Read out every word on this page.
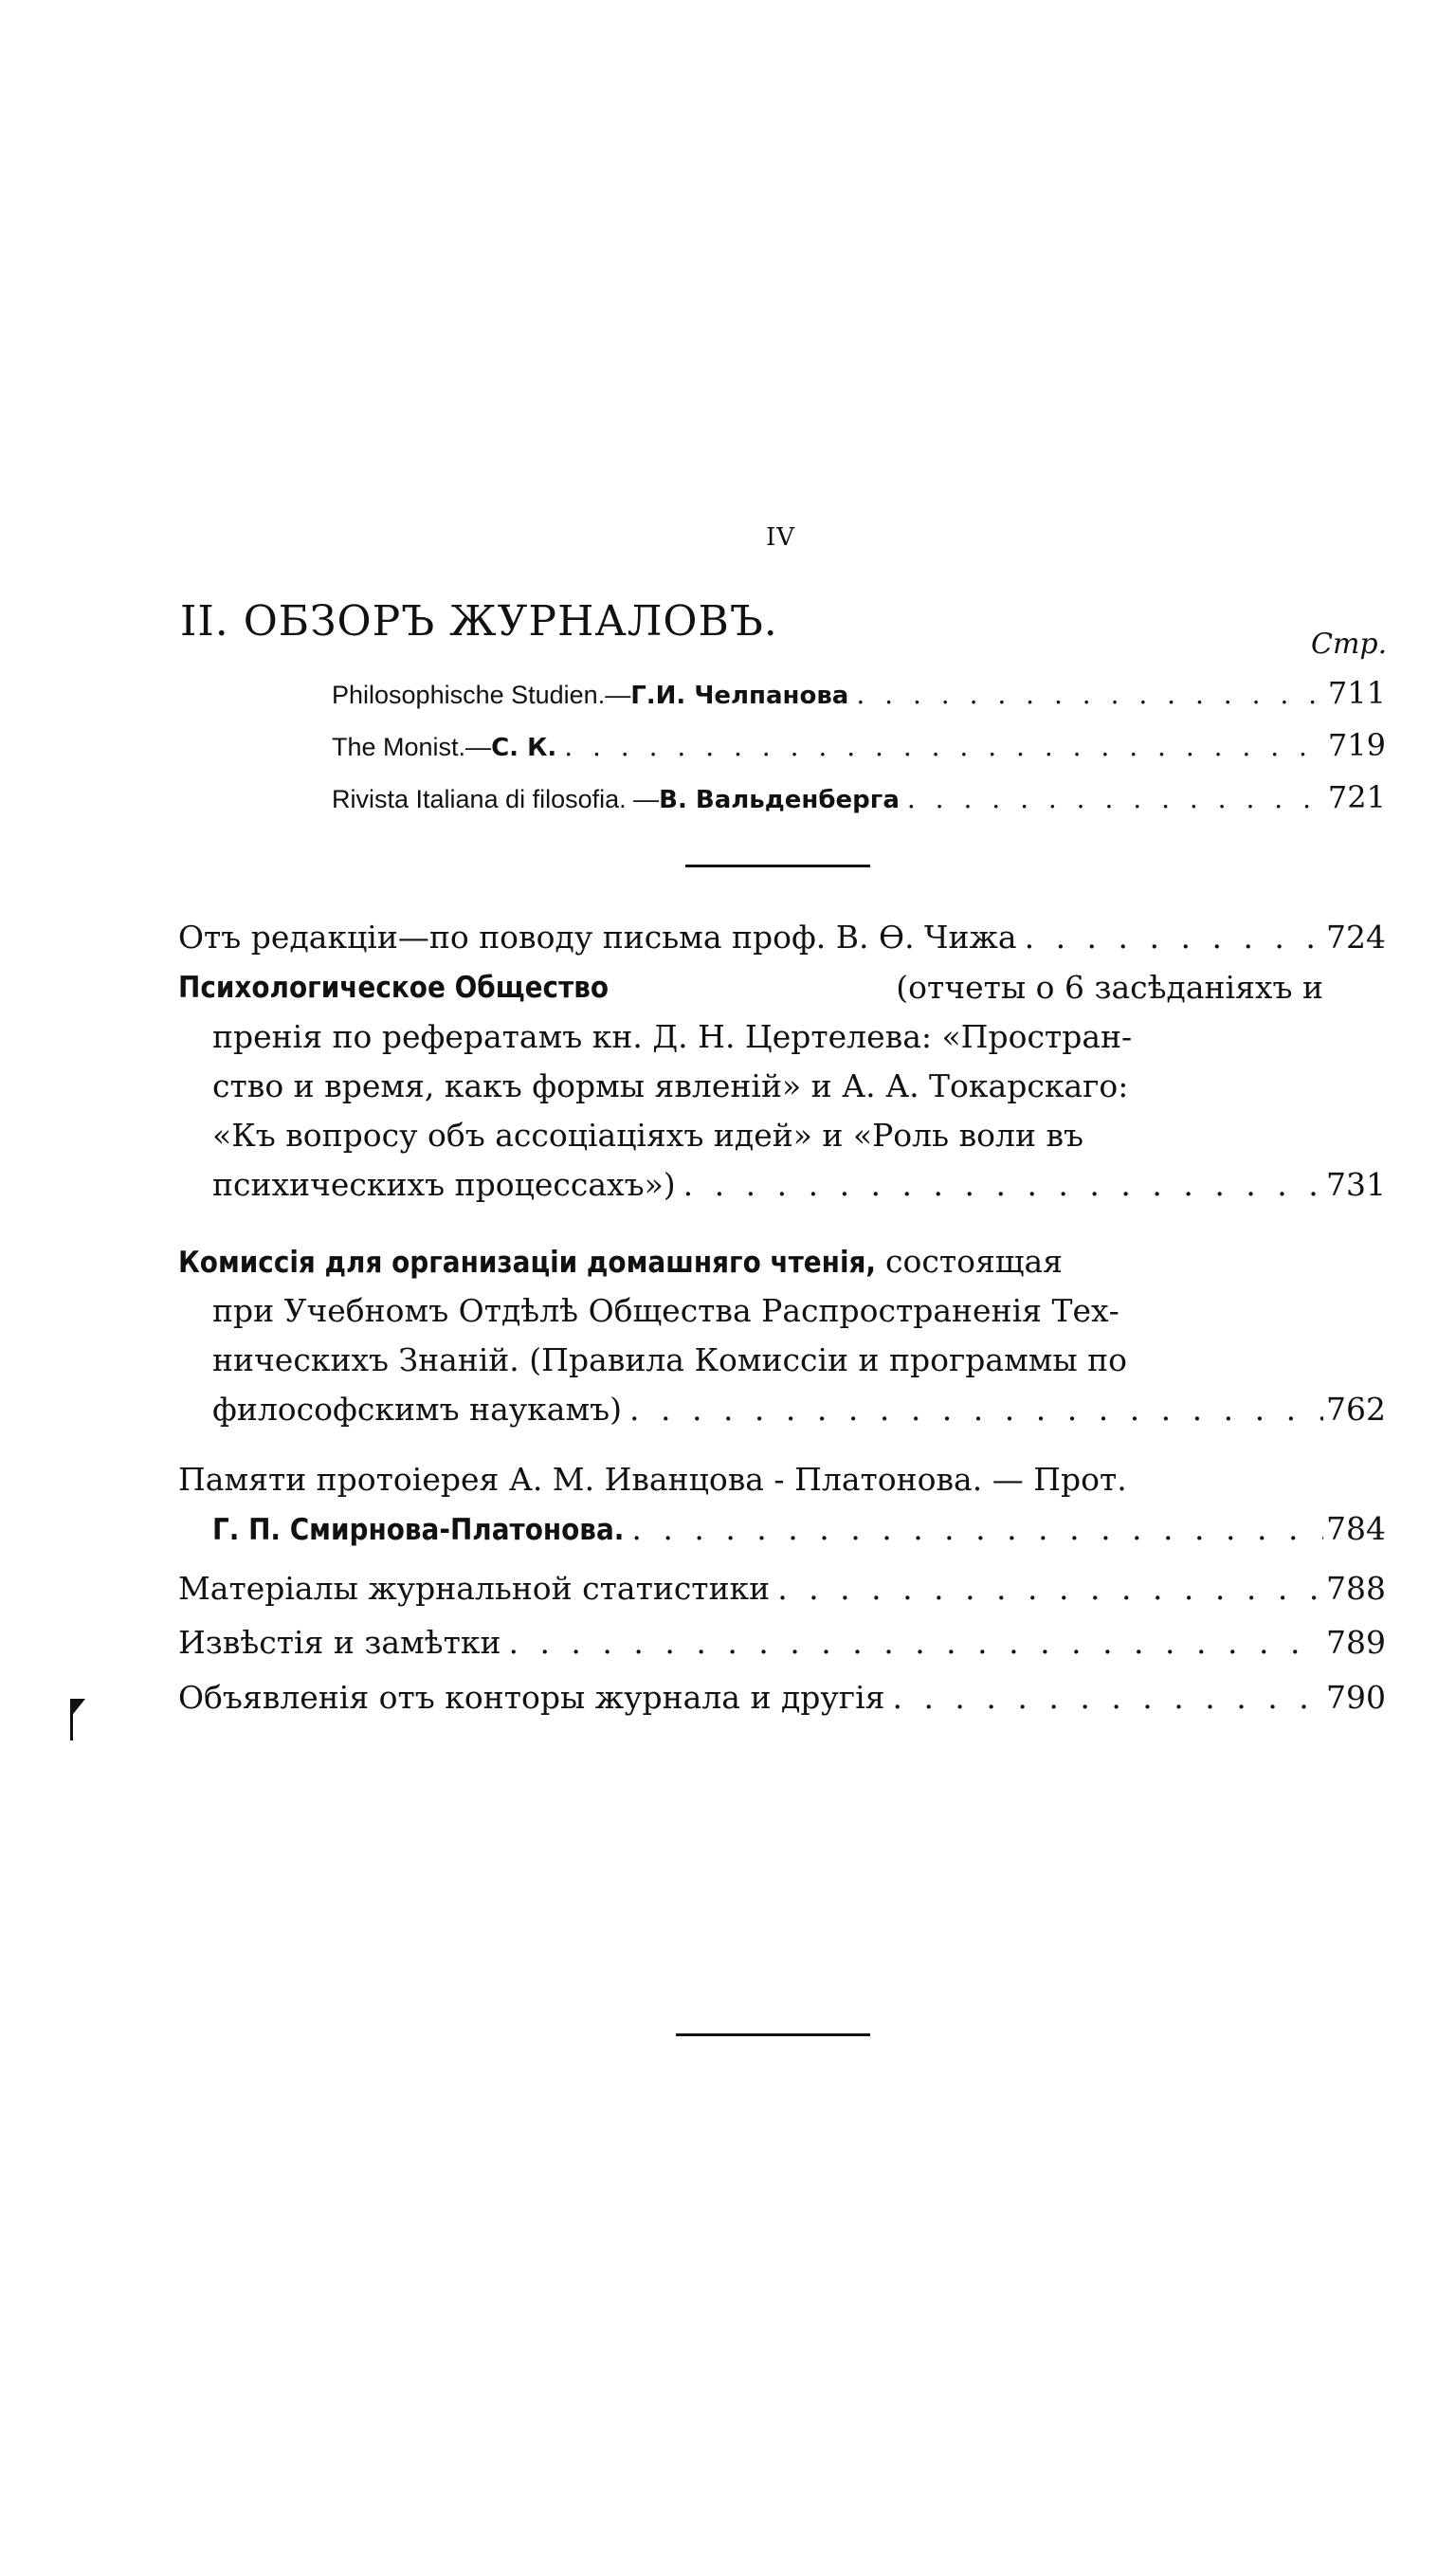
IV
II. ОБЗОРЪ ЖУРНАЛОВЪ.	Стр.
Philosophische Studien.— Г.И. Челпанова . . .	711
The Monist.— С. К. . . .	719
Rivista Italiana di filosofia. — В. Вальденберга . . .	721
Отъ редакціи—по поводу письма проф. В. Ѳ. Чижа . . .	724
Психологическое Общество	(отчеты о 6 засѣданіяхъ и
пренія по рефератамъ кн. Д. Н. Цертелева: «Простран-
ство и время, какъ формы явленій» и А. А. Токарскаго:
«Къ вопросу объ ассоціаціяхъ идей» и «Роль воли въ
психическихъ процессахъ») . . .	731
Комиссія для организаціи домашняго чтенія, состоящая
при Учебномъ Отдѣлѣ Общества Распространенія Тех-
ническихъ Знаній. (Правила Комиссіи и программы по
философскимъ наукамъ) . . .	762
Памяти протоіерея А. М. Иванцова - Платонова. — Прот.
Г. П. Смирнова-Платонова. . . .	784
Матеріалы журнальной статистики . . .	788
Извѣстія и замѣтки . . .	789
Объявленія отъ конторы журнала и другія . . .	790
